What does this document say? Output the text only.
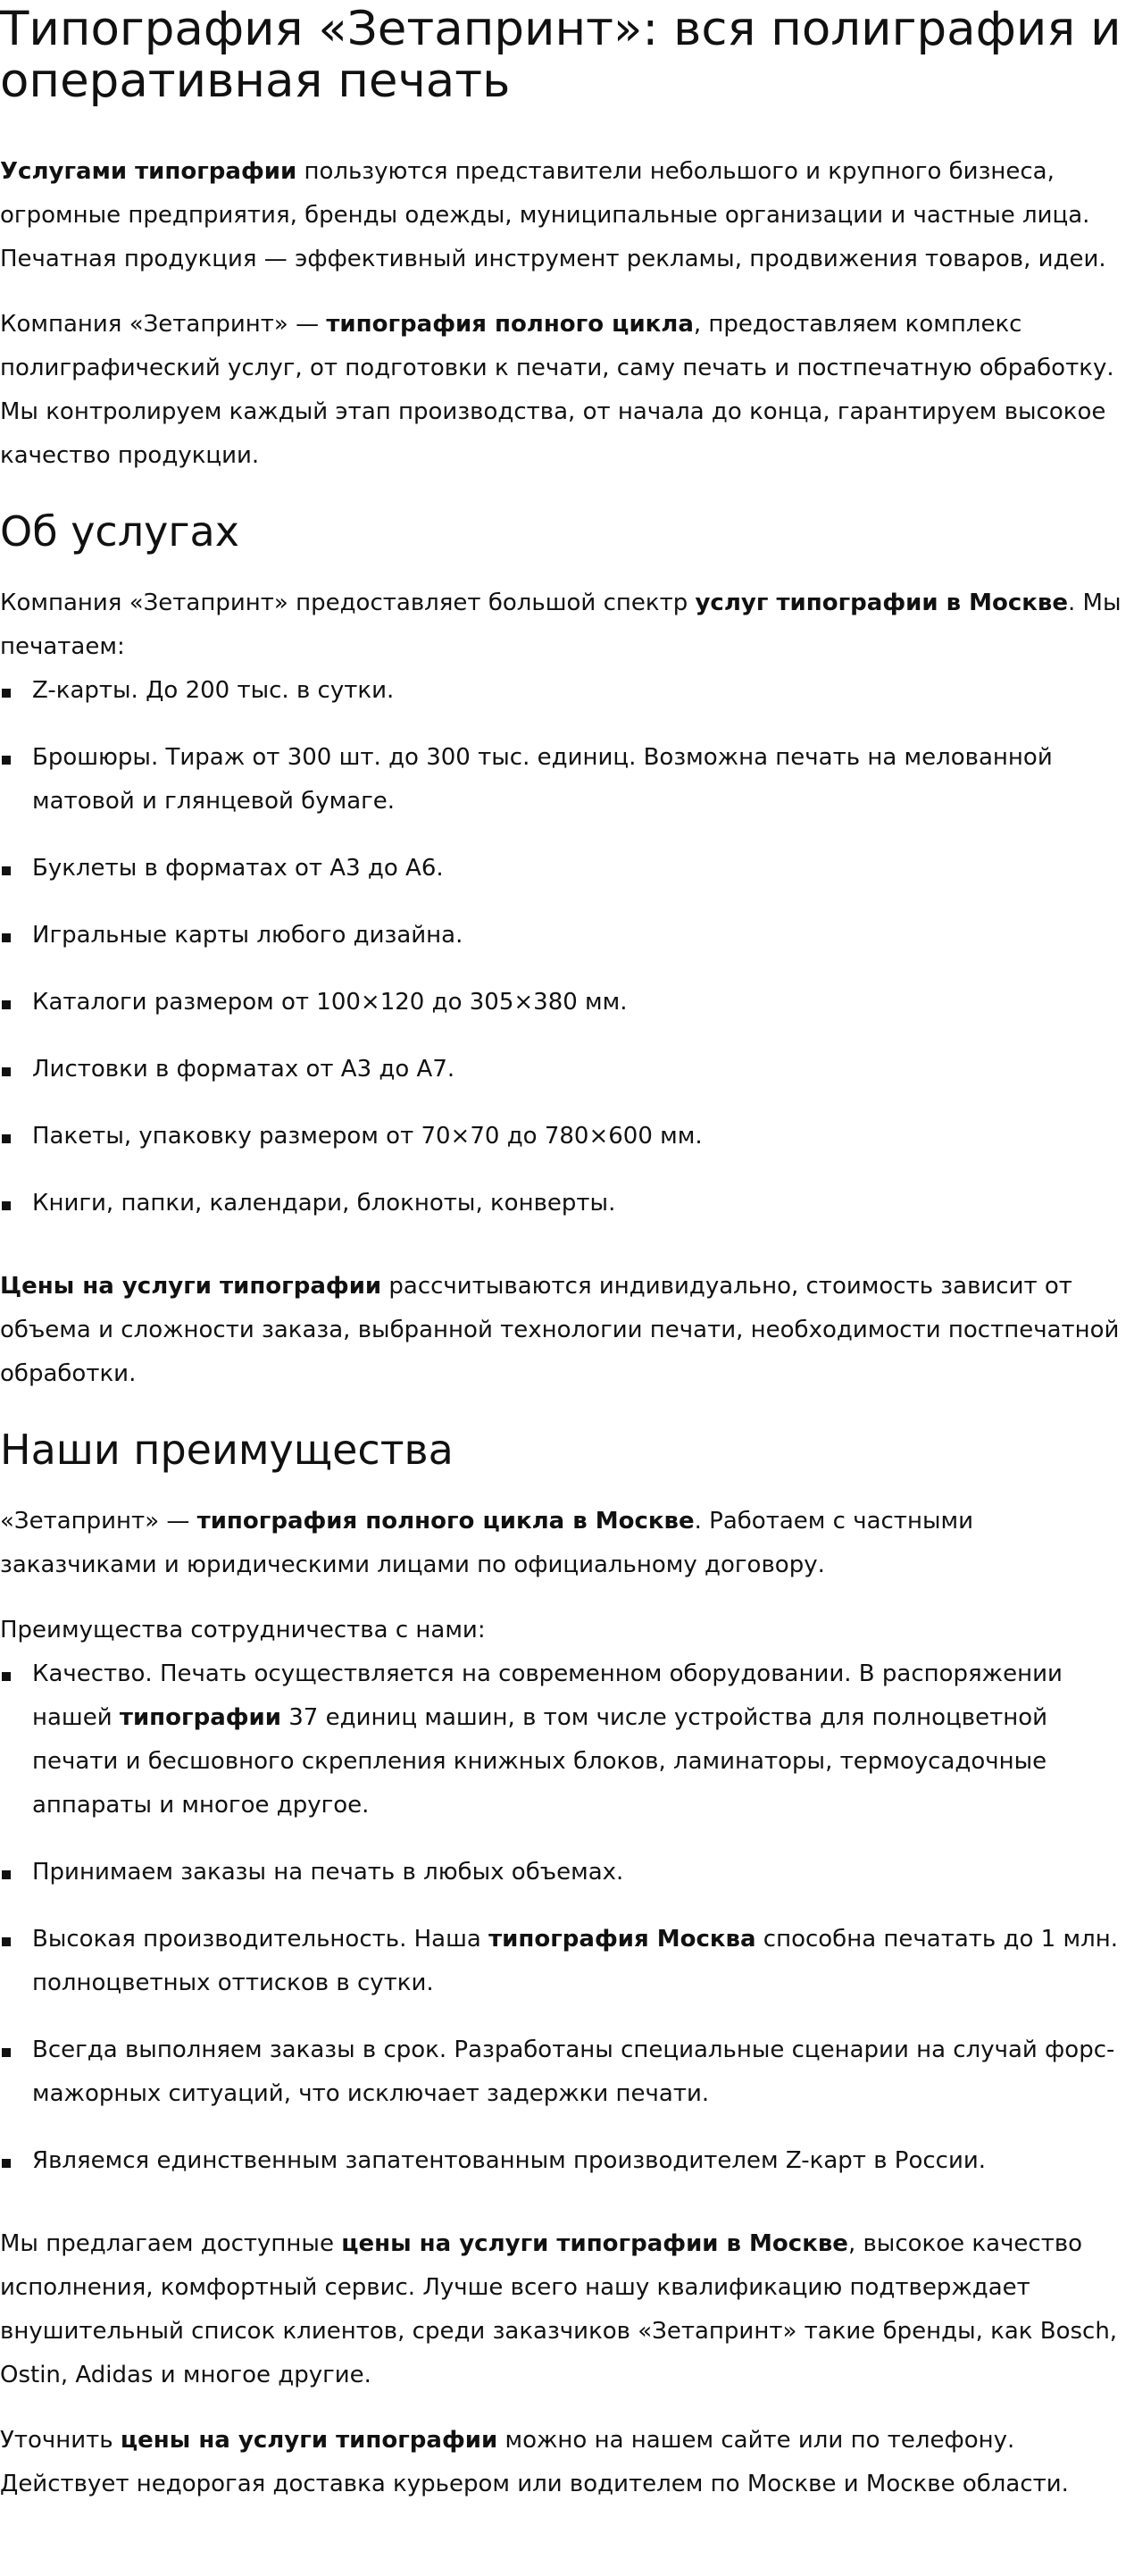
Типография «Зетапринт»: вся полиграфия и оперативная печать

Услугами типографии пользуются представители небольшого и крупного бизнеса, огромные предприятия, бренды одежды, муниципальные организации и частные лица. Печатная продукция — эффективный инструмент рекламы, продвижения товаров, идеи.

Компания «Зетапринт» — типография полного цикла, предоставляем комплекс полиграфический услуг, от подготовки к печати, саму печать и постпечатную обработку. Мы контролируем каждый этап производства, от начала до конца, гарантируем высокое качество продукции.

Об услугах

Компания «Зетапринт» предоставляет большой спектр услуг типографии в Москве. Мы печатаем:

Z-карты. До 200 тыс. в сутки.
Брошюры. Тираж от 300 шт. до 300 тыс. единиц. Возможна печать на мелованной матовой и глянцевой бумаге.
Буклеты в форматах от А3 до А6.
Игральные карты любого дизайна.
Каталоги размером от 100×120 до 305×380 мм.
Листовки в форматах от А3 до А7.
Пакеты, упаковку размером от 70×70 до 780×600 мм.
Книги, папки, календари, блокноты, конверты.

Цены на услуги типографии рассчитываются индивидуально, стоимость зависит от объема и сложности заказа, выбранной технологии печати, необходимости постпечатной обработки.

Наши преимущества

«Зетапринт» — типография полного цикла в Москве. Работаем с частными заказчиками и юридическими лицами по официальному договору.

Преимущества сотрудничества с нами:

Качество. Печать осуществляется на современном оборудовании. В распоряжении нашей типографии 37 единиц машин, в том числе устройства для полноцветной печати и бесшовного скрепления книжных блоков, ламинаторы, термоусадочные аппараты и многое другое.
Принимаем заказы на печать в любых объемах.
Высокая производительность. Наша типография Москва способна печатать до 1 млн. полноцветных оттисков в сутки.
Всегда выполняем заказы в срок. Разработаны специальные сценарии на случай форс-мажорных ситуаций, что исключает задержки печати.
Являемся единственным запатентованным производителем Z-карт в России.

Мы предлагаем доступные цены на услуги типографии в Москве, высокое качество исполнения, комфортный сервис. Лучше всего нашу квалификацию подтверждает внушительный список клиентов, среди заказчиков «Зетапринт» такие бренды, как Bosch, Ostin, Adidas и многое другие.

Уточнить цены на услуги типографии можно на нашем сайте или по телефону. Действует недорогая доставка курьером или водителем по Москве и Москве области.
